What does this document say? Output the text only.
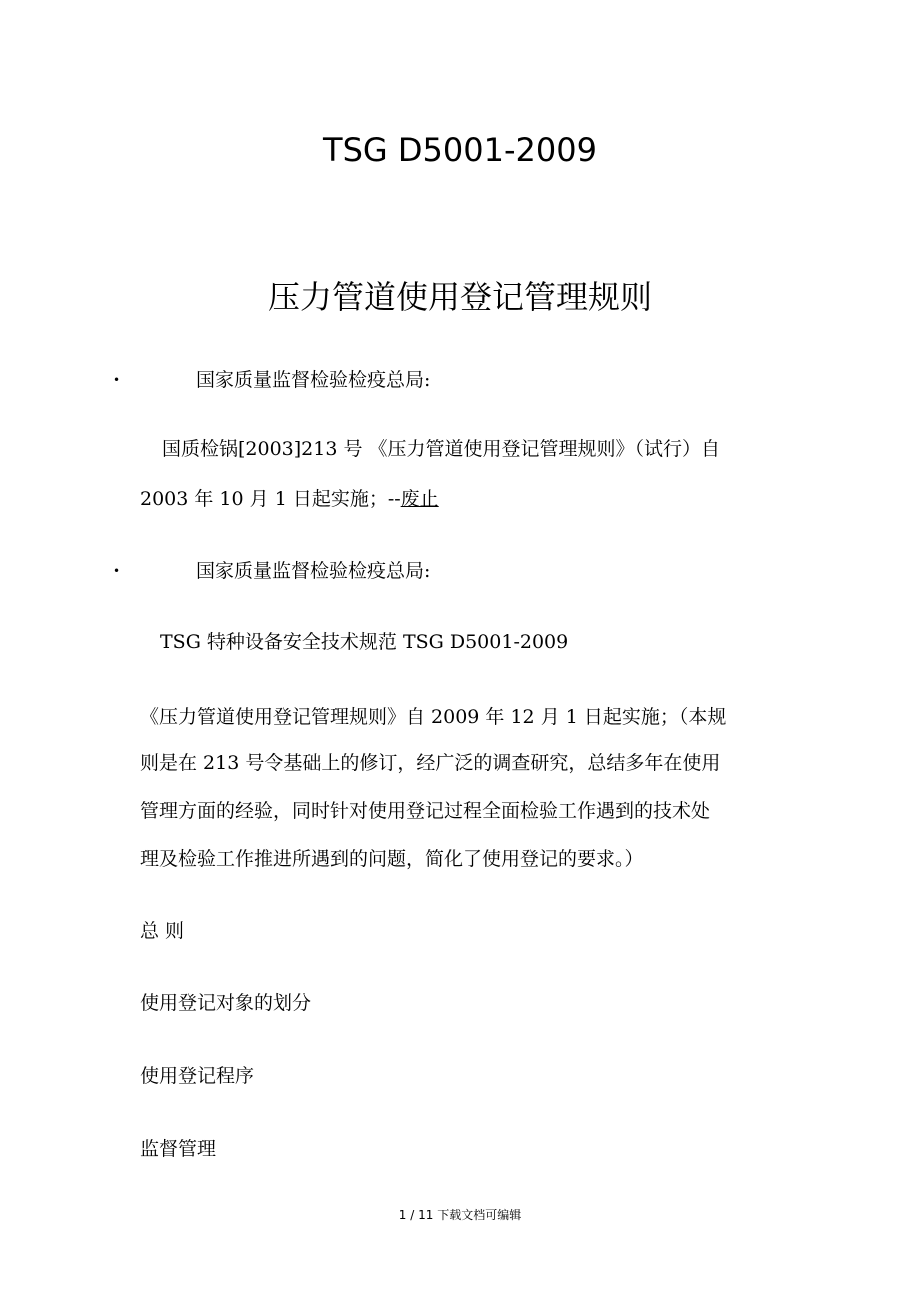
TSG D5001-2009
压力管道使用登记管理规则
•	国家质量监督检验检疫总局:
国质检锅[2003]213 号 《压力管道使用登记管理规则》（试行）自
2003 年 10 月 1 日起实施；--废止
•	国家质量监督检验检疫总局:
TSG 特种设备安全技术规范 TSG D5001-2009
《压力管道使用登记管理规则》自 2009 年 12 月 1 日起实施；（本规
则是在 213 号令基础上的修订，经广泛的调查研究，总结多年在使用
管理方面的经验，同时针对使用登记过程全面检验工作遇到的技术处
理及检验工作推进所遇到的问题，简化了使用登记的要求。）
总 则
使用登记对象的划分
使用登记程序
监督管理
1 / 11 下载文档可编辑
